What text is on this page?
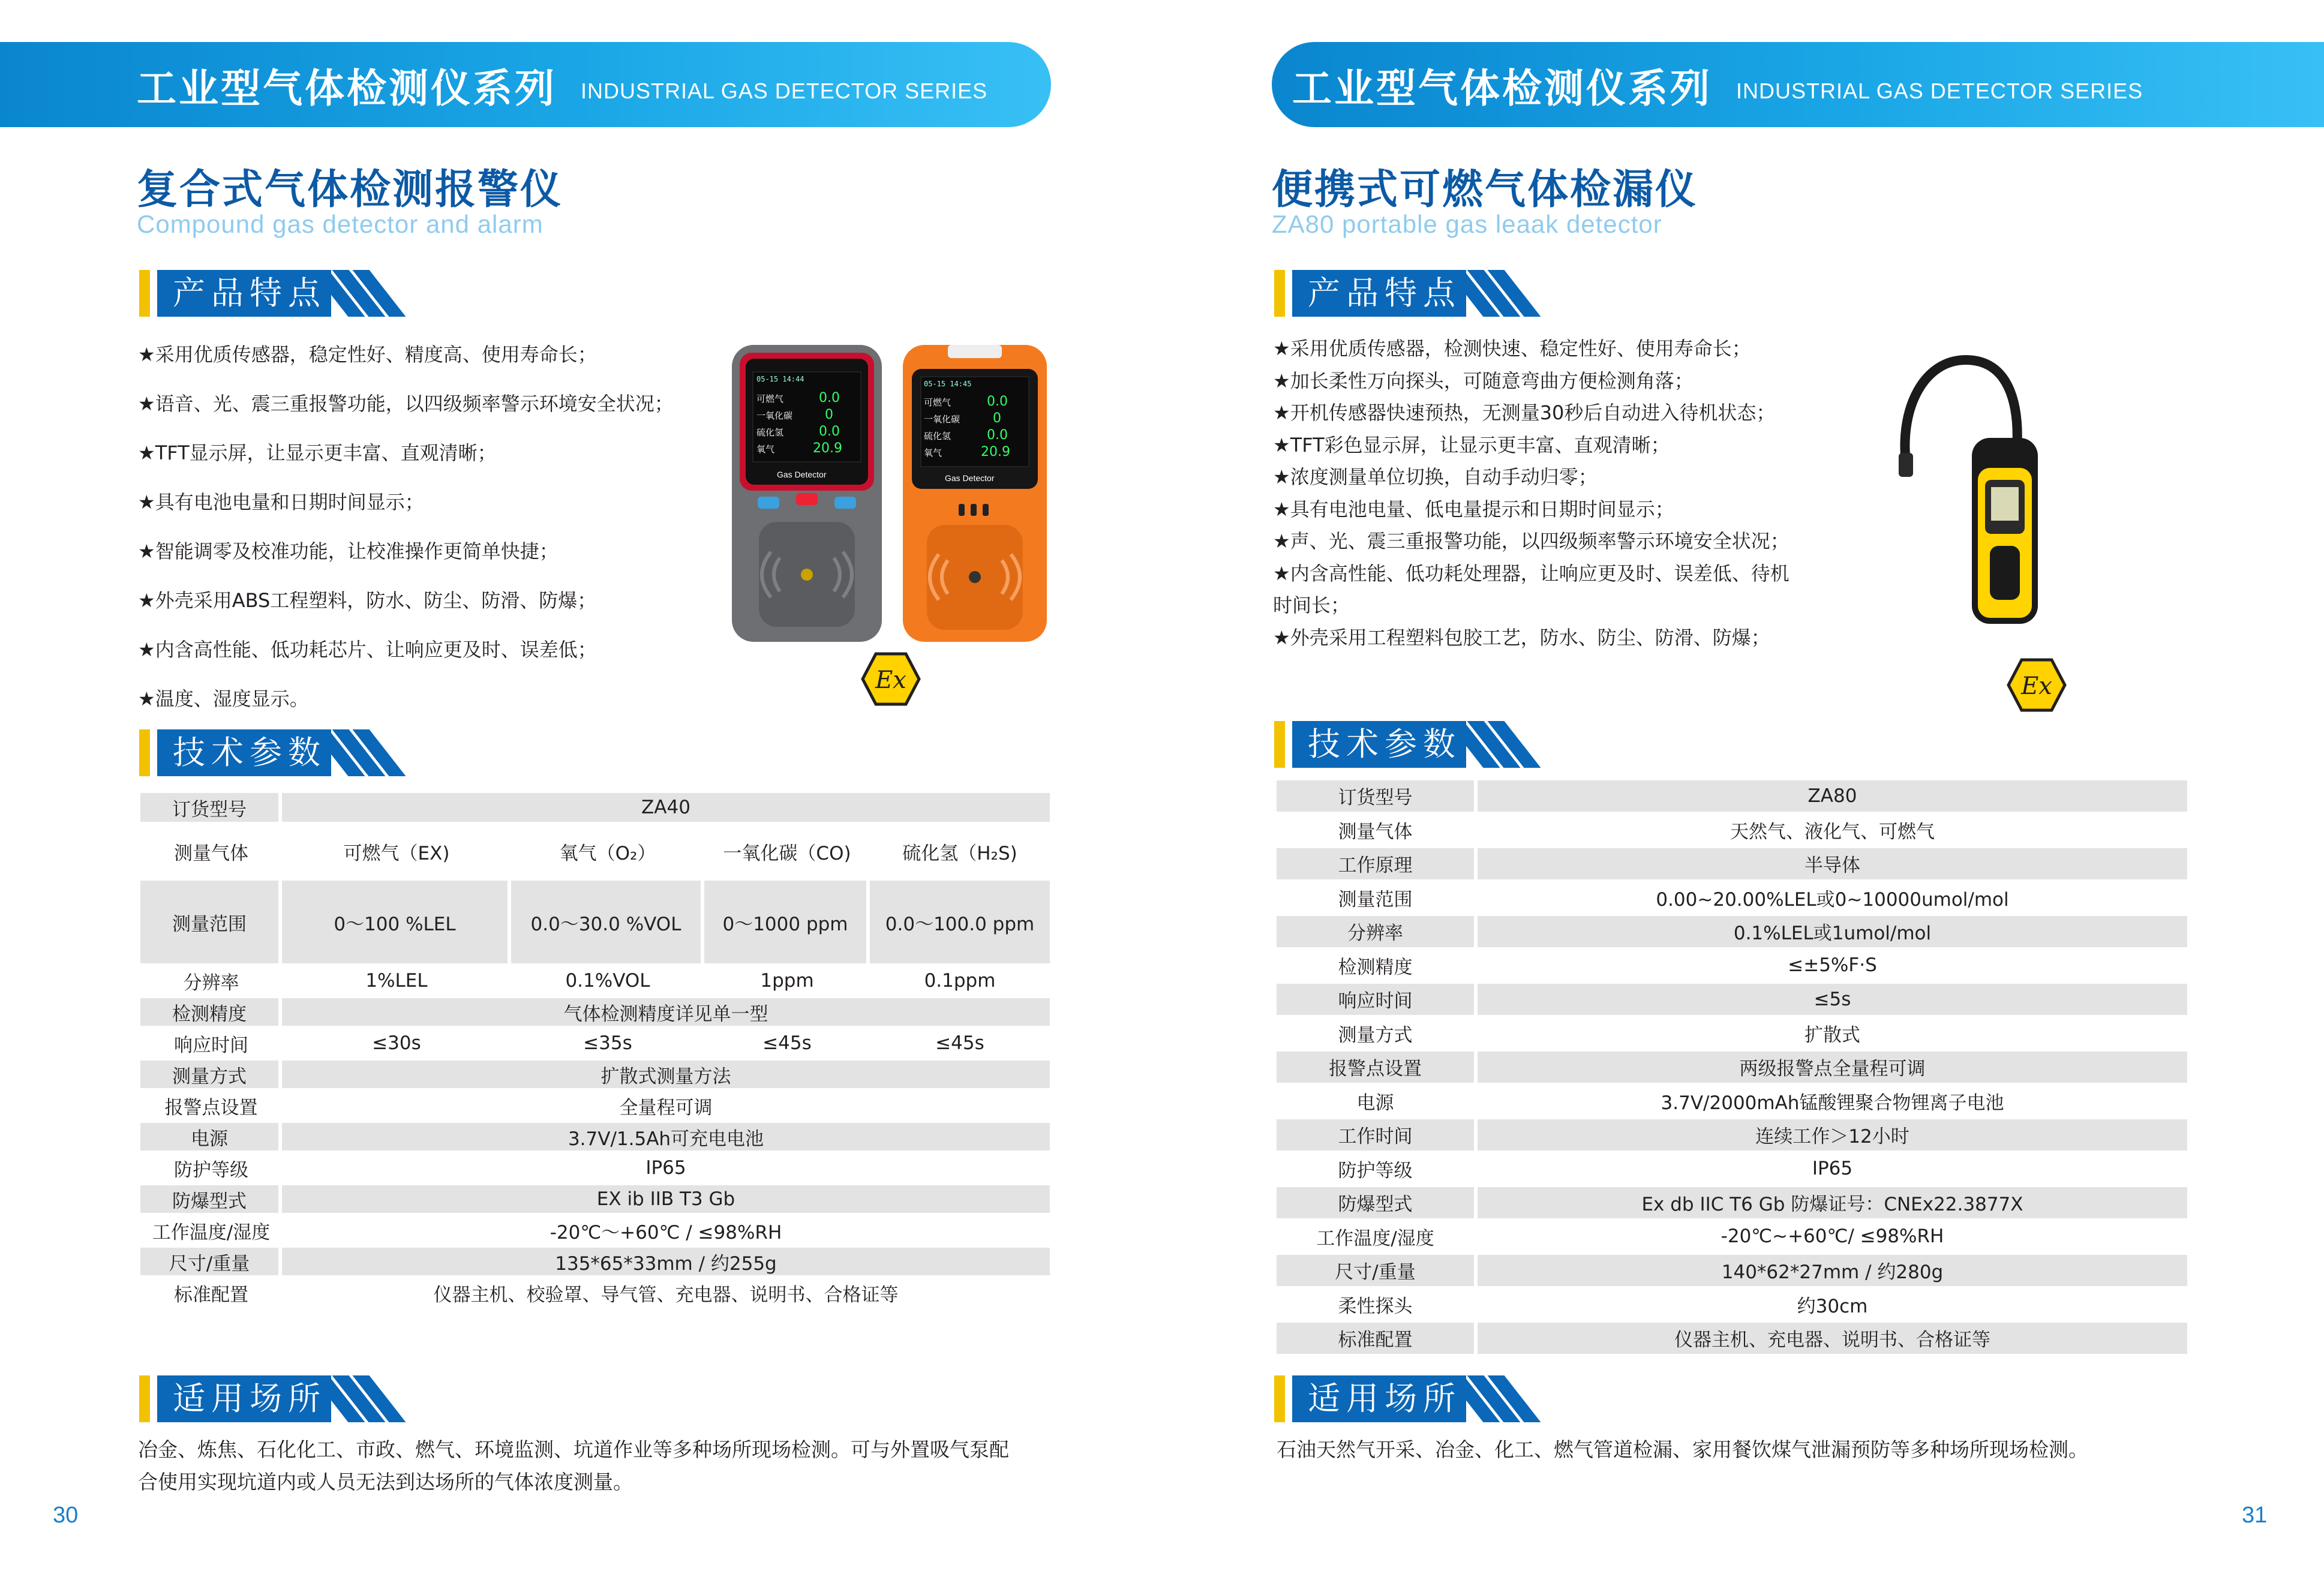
工业型气体检测仪系列 INDUSTRIAL GAS DETECTOR SERIES
复合式气体检测报警仪
Compound gas detector and alarm
产品特点
★采用优质传感器，稳定性好、精度高、使用寿命长；
★语音、光、震三重报警功能，以四级频率警示环境安全状况；
★TFT显示屏，让显示更丰富、直观清晰；
★具有电池电量和日期时间显示；
★智能调零及校准功能，让校准操作更简单快捷；
★外壳采用ABS工程塑料，防水、防尘、防滑、防爆；
★内含高性能、低功耗芯片、让响应更及时、误差低；
★温度、湿度显示。
05-15 14:44
可燃气	0.0
一氧化碳 0
硫化氢	0.0
氧气	20.9
Gas Detector
05-15 14:45
可燃气	0.0
一氧化碳 0
硫化氢	0.0
氧气	20.9
Gas Detector
Ex
技术参数
订货型号	ZA40			
测量气体	可燃气（EX)	氧气（O₂）	一氧化碳（CO)	硫化氢（H₂S)
测量范围	0～100 %LEL	0.0～30.0 %VOL	0～1000 ppm	0.0～100.0 ppm
分辨率	1%LEL	0.1%VOL	1ppm	0.1ppm
检测精度	气体检测精度详见单一型			
响应时间	≤30s	≤35s	≤45s	≤45s
测量方式	扩散式测量方法			
报警点设置	全量程可调			
电源	3.7V/1.5Ah可充电电池			
防护等级	IP65			
防爆型式	EX ib IIB T3 Gb			
工作温度/湿度	-20℃～+60℃ / ≤98%RH			
尺寸/重量	135*65*33mm / 约255g			
标准配置	仪器主机、校验罩、导气管、充电器、说明书、合格证等			
适用场所
冶金、炼焦、石化化工、市政、燃气、环境监测、坑道作业等多种场所现场检测。可与外置吸气泵配
合使用实现坑道内或人员无法到达场所的气体浓度测量。
30
工业型气体检测仪系列 INDUSTRIAL GAS DETECTOR SERIES
便携式可燃气体检漏仪
ZA80 portable gas leaak detector
产品特点
★采用优质传感器，检测快速、稳定性好、使用寿命长；
★加长柔性万向探头，可随意弯曲方便检测角落；
★开机传感器快速预热，无测量30秒后自动进入待机状态；
★TFT彩色显示屏，让显示更丰富、直观清晰；
★浓度测量单位切换，自动手动归零；
★具有电池电量、低电量提示和日期时间显示；
★声、光、震三重报警功能，以四级频率警示环境安全状况；
★内含高性能、低功耗处理器，让响应更及时、误差低、待机
时间长；
★外壳采用工程塑料包胶工艺，防水、防尘、防滑、防爆；
Ex
技术参数
订货型号	ZA80
测量气体	天然气、液化气、可燃气
工作原理	半导体
测量范围	0.00~20.00%LEL或0~10000umol/mol
分辨率	0.1%LEL或1umol/mol
检测精度	≤±5%F·S
响应时间	≤5s
测量方式	扩散式
报警点设置	两级报警点全量程可调
电源	3.7V/2000mAh锰酸锂聚合物锂离子电池
工作时间	连续工作＞12小时
防护等级	IP65
防爆型式	Ex db IIC T6 Gb 防爆证号：CNEx22.3877X
工作温度/湿度	-20℃~+60℃/ ≤98%RH
尺寸/重量	140*62*27mm / 约280g
柔性探头	约30cm
标准配置	仪器主机、充电器、说明书、合格证等
适用场所
石油天然气开采、冶金、化工、燃气管道检漏、家用餐饮煤气泄漏预防等多种场所现场检测。
31
